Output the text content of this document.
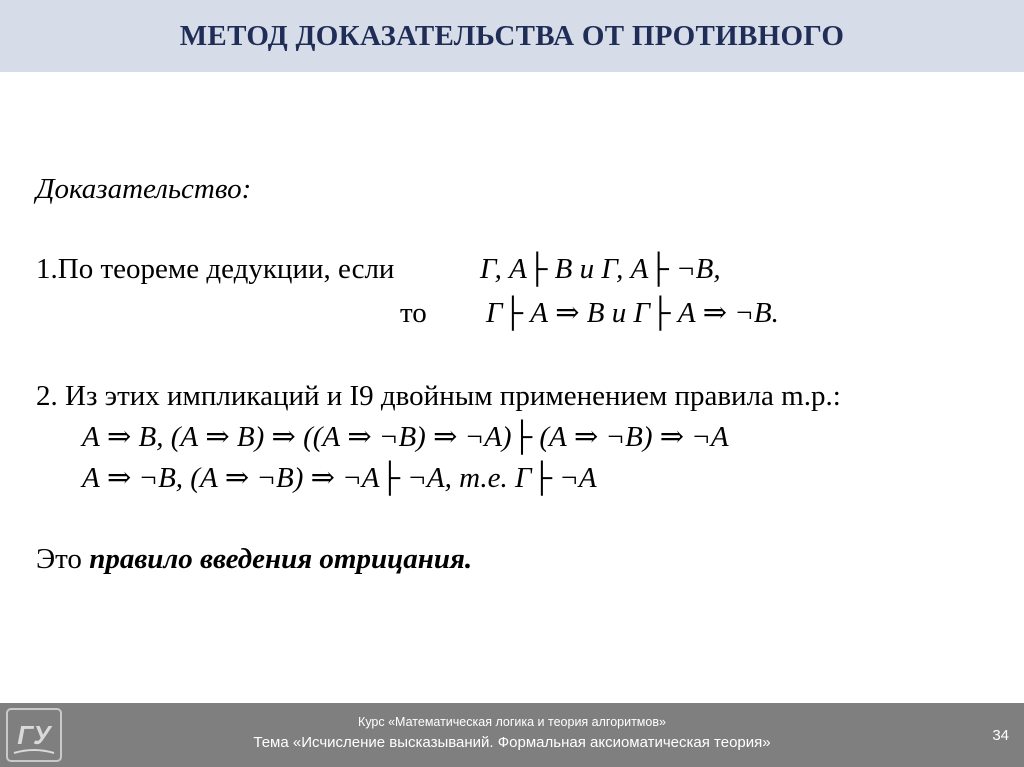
МЕТОД ДОКАЗАТЕЛЬСТВА ОТ ПРОТИВНОГО
Доказательство:
1.По теореме дедукции, если	Г, А├ В и Г, А├ ¬В,
то Г├ А ⇒ В и Г├ А ⇒ ¬В.
2. Из этих импликаций и I9 двойным применением правила m.p.:
А ⇒ В, (А ⇒ В) ⇒ ((А ⇒ ¬В) ⇒ ¬А)├ (А ⇒ ¬В) ⇒ ¬А
А ⇒ ¬В, (А ⇒ ¬В) ⇒ ¬А├ ¬А, т.е. Г├ ¬А
Это правило введения отрицания.
ГУ	Курс «Математическая логика и теория алгоритмов»
Тема «Исчисление высказываний. Формальная аксиоматическая теория»	34
